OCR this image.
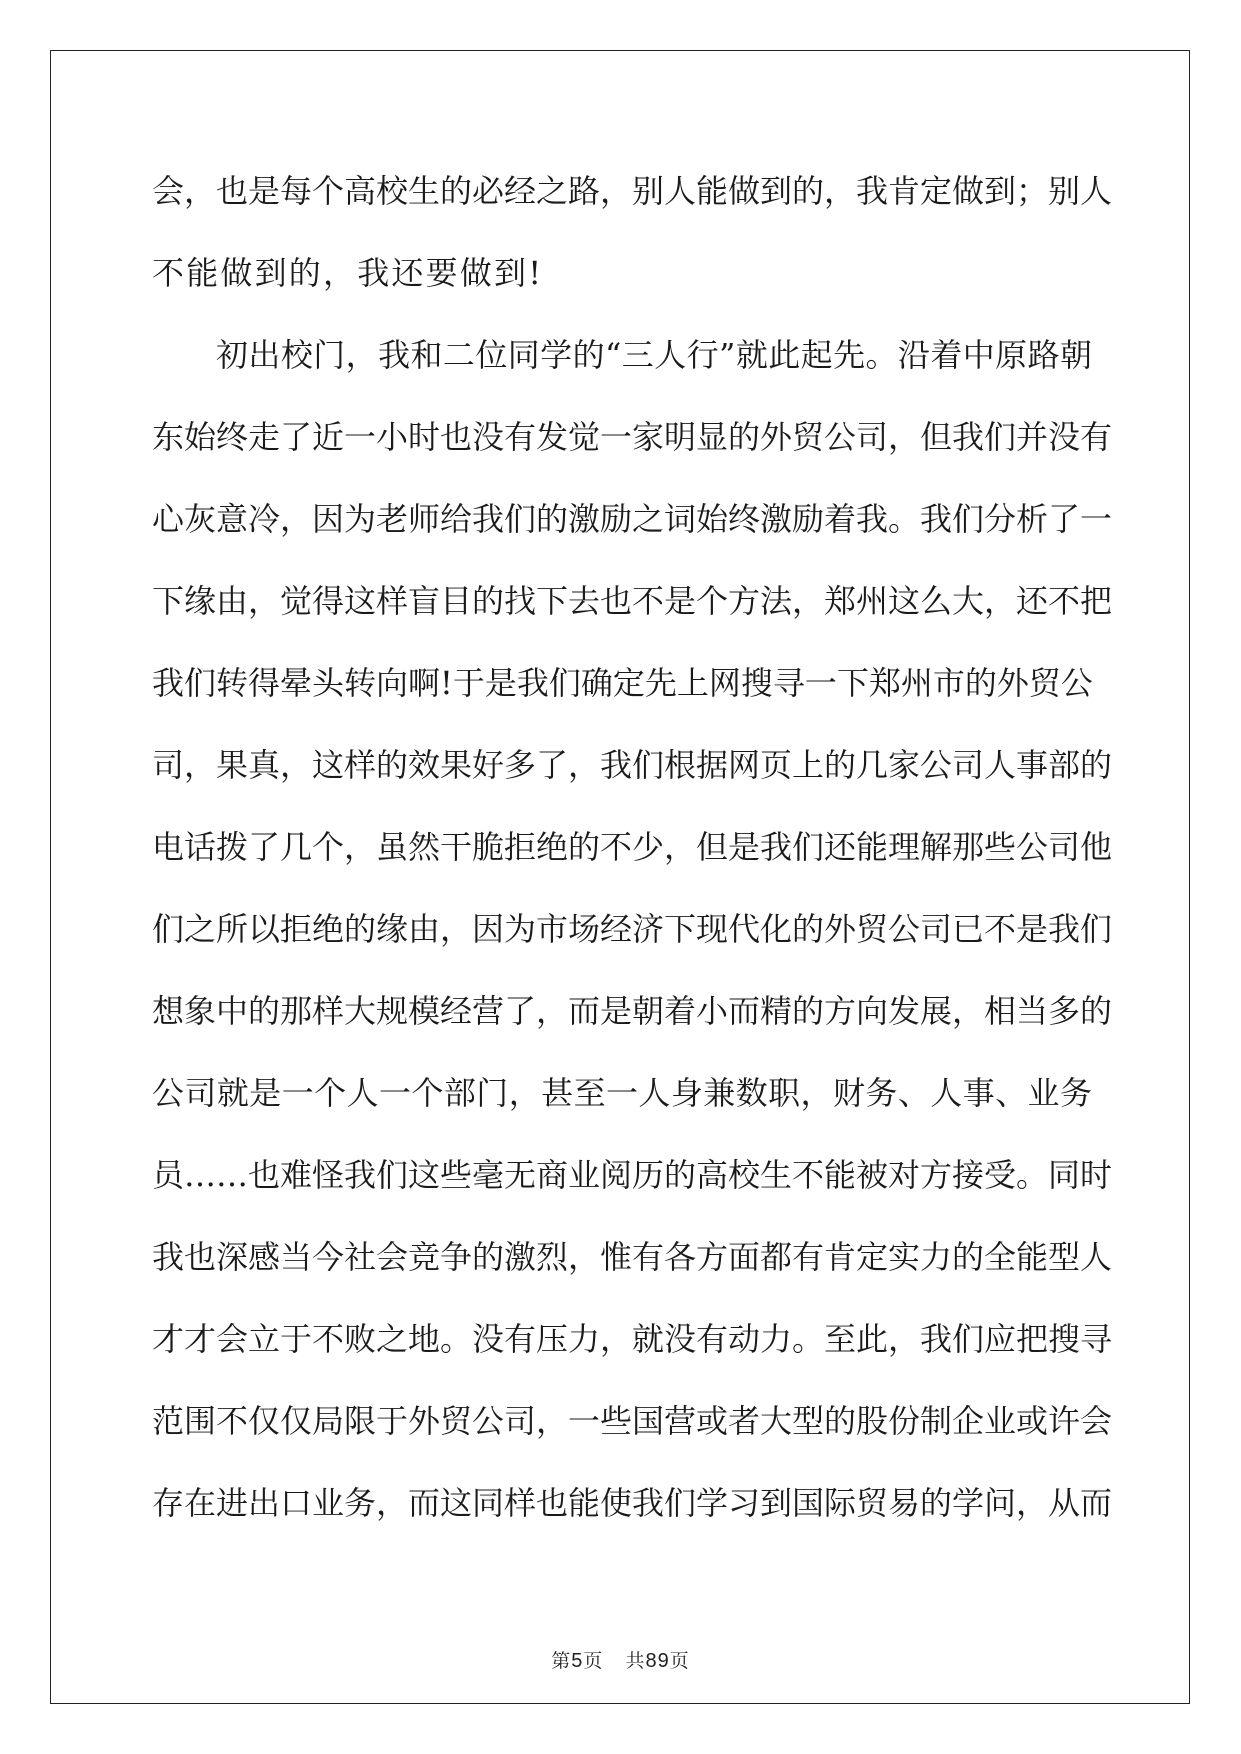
会，也是每个高校生的必经之路，别人能做到的，我肯定做到；别人
不能做到的，我还要做到!
初出校门，我和二位同学的“三人行”就此起先。沿着中原路朝
东始终走了近一小时也没有发觉一家明显的外贸公司，但我们并没有
心灰意冷，因为老师给我们的激励之词始终激励着我。我们分析了一
下缘由，觉得这样盲目的找下去也不是个方法，郑州这么大，还不把
我们转得晕头转向啊!于是我们确定先上网搜寻一下郑州市的外贸公
司，果真，这样的效果好多了，我们根据网页上的几家公司人事部的
电话拨了几个，虽然干脆拒绝的不少，但是我们还能理解那些公司他
们之所以拒绝的缘由，因为市场经济下现代化的外贸公司已不是我们
想象中的那样大规模经营了，而是朝着小而精的方向发展，相当多的
公司就是一个人一个部门，甚至一人身兼数职，财务、人事、业务
员……也难怪我们这些毫无商业阅历的高校生不能被对方接受。同时
我也深感当今社会竞争的激烈，惟有各方面都有肯定实力的全能型人
才才会立于不败之地。没有压力，就没有动力。至此，我们应把搜寻
范围不仅仅局限于外贸公司，一些国营或者大型的股份制企业或许会
存在进出口业务，而这同样也能使我们学习到国际贸易的学问，从而
第5页 共89页
